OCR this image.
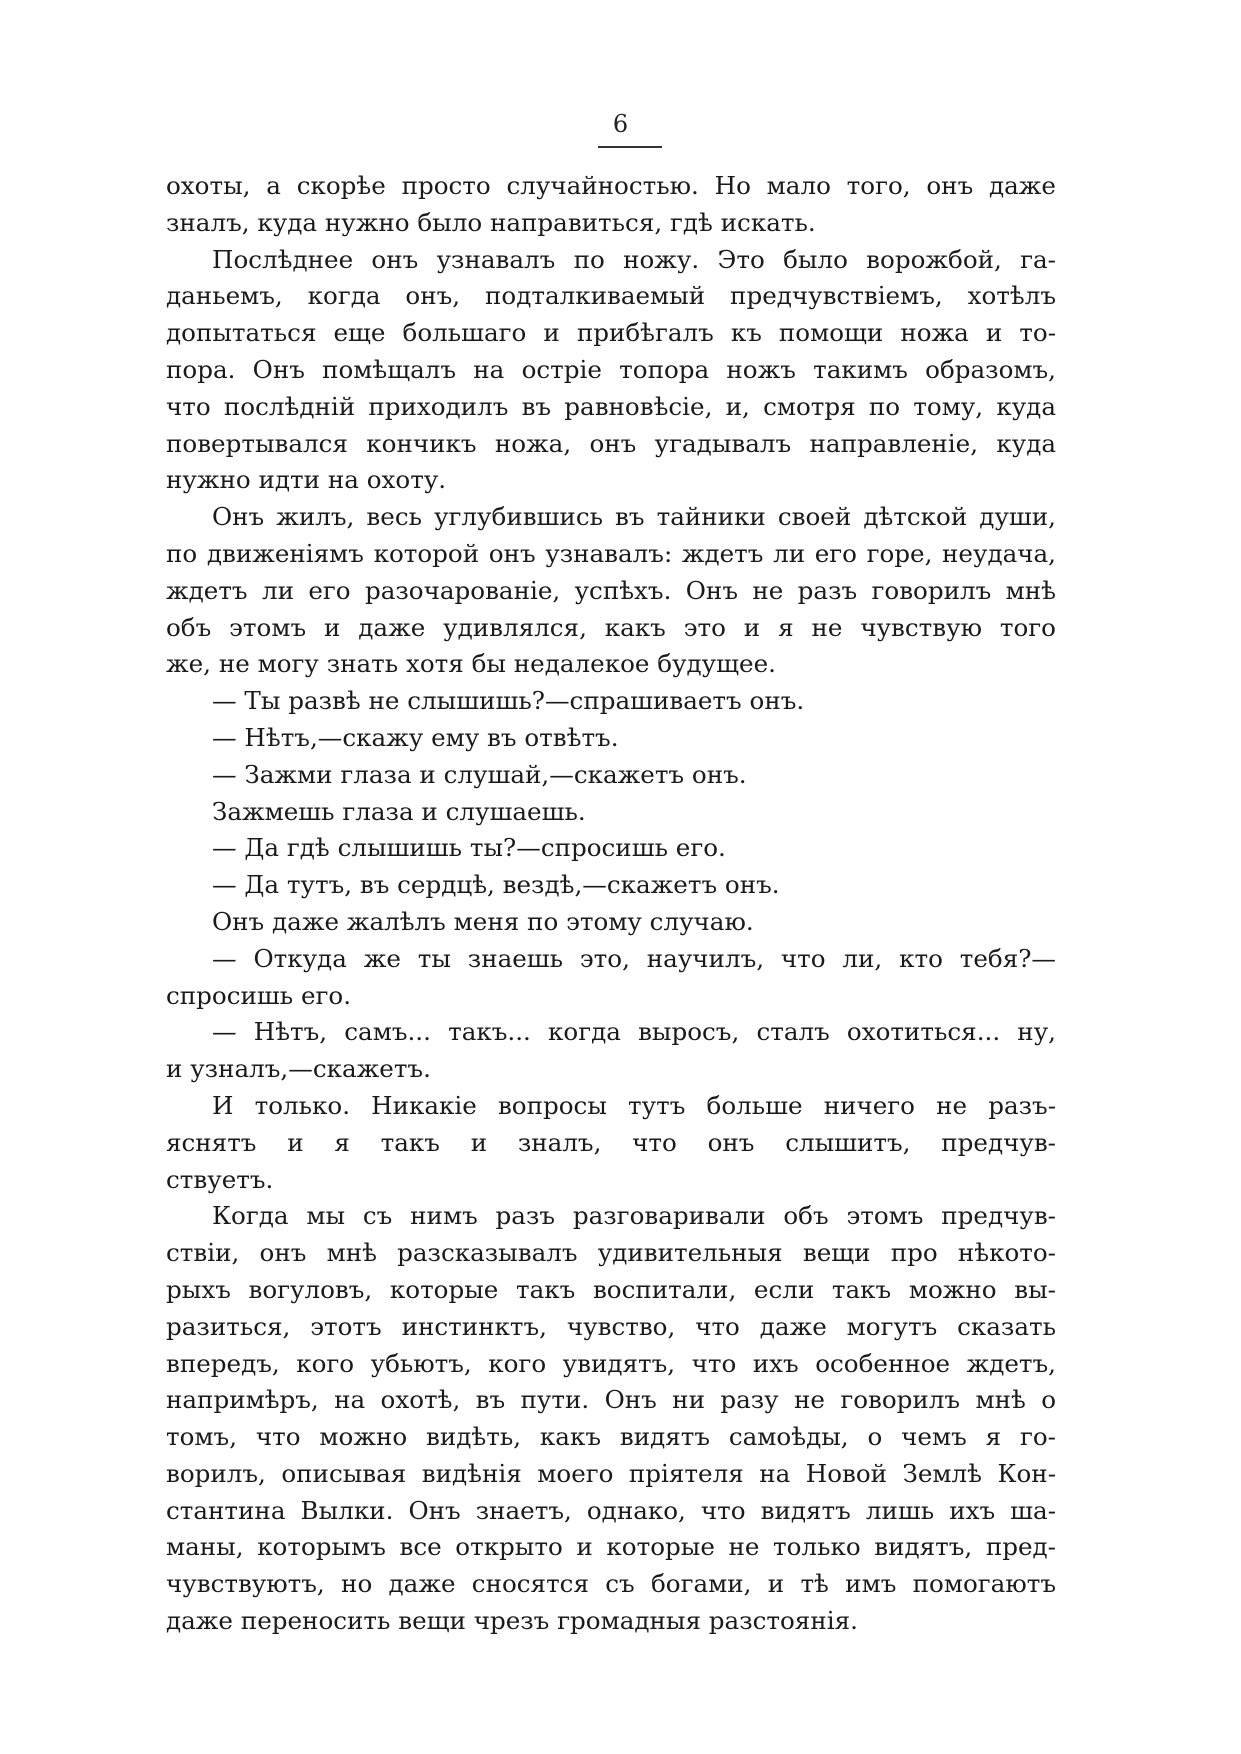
6
охоты, а скорѣе просто случайностью. Но мало того, онъ даже
зналъ, куда нужно было направиться, гдѣ искать.
Послѣднее онъ узнавалъ по ножу. Это было ворожбой, га-
даньемъ, когда онъ, подталкиваемый предчувствіемъ, хотѣлъ
допытаться еще большаго и прибѣгалъ къ помощи ножа и то-
пора. Онъ помѣщалъ на остріе топора ножъ такимъ образомъ,
что послѣдній приходилъ въ равновѣсіе, и, смотря по тому, куда
повертывался кончикъ ножа, онъ угадывалъ направленіе, куда
нужно идти на охоту.
Онъ жилъ, весь углубившись въ тайники своей дѣтской души,
по движеніямъ которой онъ узнавалъ: ждетъ ли его горе, неудача,
ждетъ ли его разочарованіе, успѣхъ. Онъ не разъ говорилъ мнѣ
объ этомъ и даже удивлялся, какъ это и я не чувствую того
же, не могу знать хотя бы недалекое будущее.
— Ты развѣ не слышишь?—спрашиваетъ онъ.
— Нѣтъ,—скажу ему въ отвѣтъ.
— Зажми глаза и слушай,—скажетъ онъ.
Зажмешь глаза и слушаешь.
— Да гдѣ слышишь ты?—спросишь его.
— Да тутъ, въ сердцѣ, вездѣ,—скажетъ онъ.
Онъ даже жалѣлъ меня по этому случаю.
— Откуда же ты знаешь это, научилъ, что ли, кто тебя?—
спросишь его.
— Нѣтъ, самъ... такъ... когда выросъ, сталъ охотиться... ну,
и узналъ,—скажетъ.
И только. Никакіе вопросы тутъ больше ничего не разъ-
яснятъ и я такъ и зналъ, что онъ слышитъ, предчув-
ствуетъ.
Когда мы съ нимъ разъ разговаривали объ этомъ предчув-
ствіи, онъ мнѣ разсказывалъ удивительныя вещи про нѣкото-
рыхъ вогуловъ, которые такъ воспитали, если такъ можно вы-
разиться, этотъ инстинктъ, чувство, что даже могутъ сказать
впередъ, кого убьютъ, кого увидятъ, что ихъ особенное ждетъ,
напримѣръ, на охотѣ, въ пути. Онъ ни разу не говорилъ мнѣ о
томъ, что можно видѣть, какъ видятъ самоѣды, о чемъ я го-
ворилъ, описывая видѣнія моего пріятеля на Новой Землѣ Кон-
стантина Вылки. Онъ знаетъ, однако, что видятъ лишь ихъ ша-
маны, которымъ все открыто и которые не только видятъ, пред-
чувствуютъ, но даже сносятся съ богами, и тѣ имъ помогаютъ
даже переносить вещи чрезъ громадныя разстоянія.
